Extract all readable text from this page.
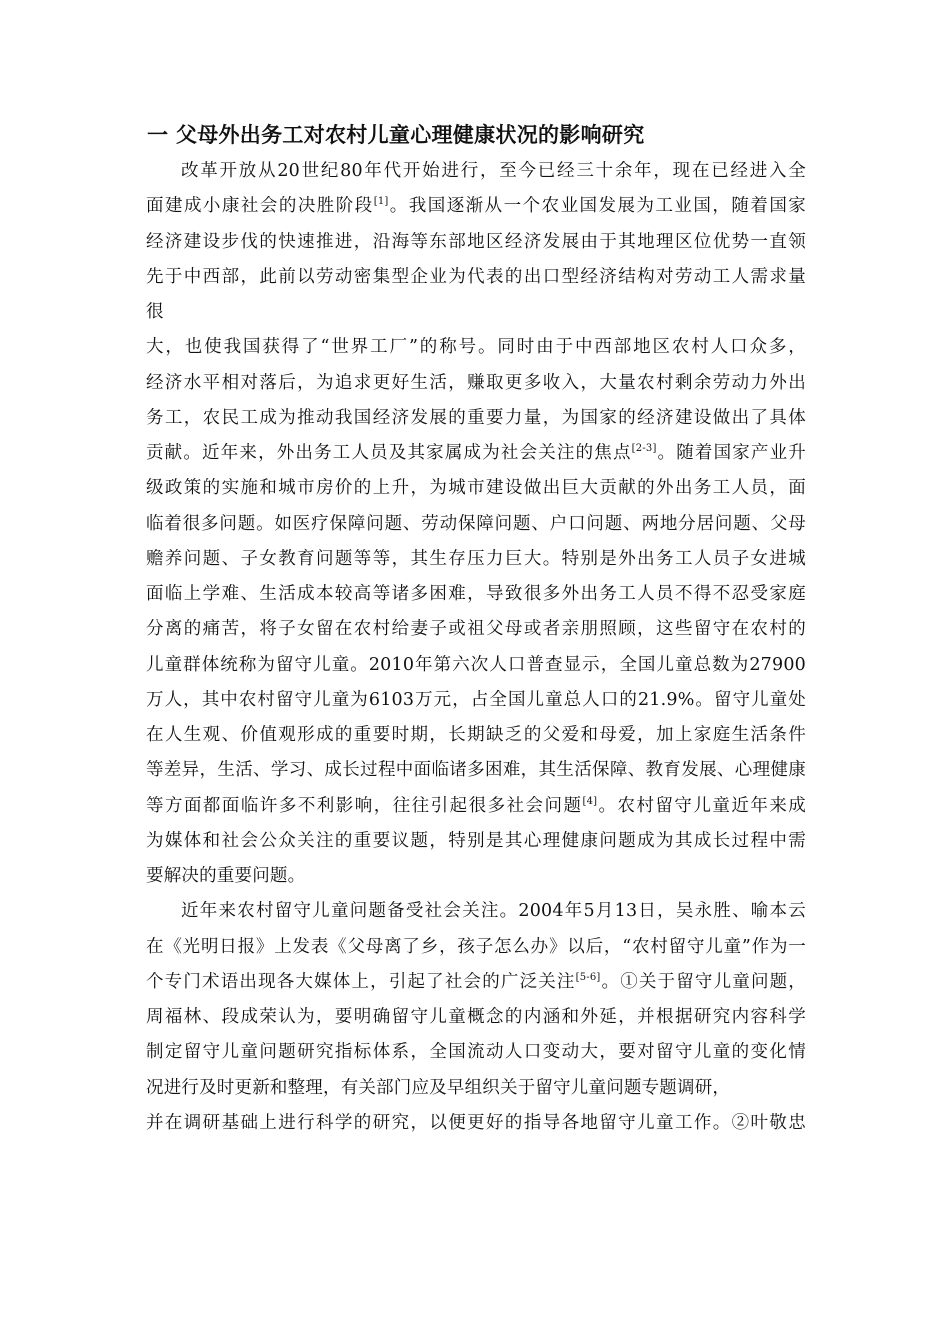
一 父母外出务工对农村儿童心理健康状况的影响研究
改革开放从20世纪80年代开始进行，至今已经三十余年，现在已经进入全
面建成小康社会的决胜阶段[1]。我国逐渐从一个农业国发展为工业国，随着国家
经济建设步伐的快速推进，沿海等东部地区经济发展由于其地理区位优势一直领
先于中西部，此前以劳动密集型企业为代表的出口型经济结构对劳动工人需求量
很
大，也使我国获得了“世界工厂”的称号。同时由于中西部地区农村人口众多，
经济水平相对落后，为追求更好生活，赚取更多收入，大量农村剩余劳动力外出
务工，农民工成为推动我国经济发展的重要力量，为国家的经济建设做出了具体
贡献。近年来，外出务工人员及其家属成为社会关注的焦点[2-3]。随着国家产业升
级政策的实施和城市房价的上升，为城市建设做出巨大贡献的外出务工人员，面
临着很多问题。如医疗保障问题、劳动保障问题、户口问题、两地分居问题、父母
赡养问题、子女教育问题等等，其生存压力巨大。特别是外出务工人员子女进城
面临上学难、生活成本较高等诸多困难，导致很多外出务工人员不得不忍受家庭
分离的痛苦，将子女留在农村给妻子或祖父母或者亲朋照顾，这些留守在农村的
儿童群体统称为留守儿童。2010年第六次人口普查显示，全国儿童总数为27900
万人，其中农村留守儿童为6103万元，占全国儿童总人口的21.9%。留守儿童处
在人生观、价值观形成的重要时期，长期缺乏的父爱和母爱，加上家庭生活条件
等差异，生活、学习、成长过程中面临诸多困难，其生活保障、教育发展、心理健康
等方面都面临许多不利影响，往往引起很多社会问题[4]。农村留守儿童近年来成
为媒体和社会公众关注的重要议题，特别是其心理健康问题成为其成长过程中需
要解决的重要问题。
近年来农村留守儿童问题备受社会关注。2004年5月13日，吴永胜、喻本云
在《光明日报》上发表《父母离了乡，孩子怎么办》以后，“农村留守儿童”作为一
个专门术语出现各大媒体上，引起了社会的广泛关注[5-6]。①关于留守儿童问题，
周福林、段成荣认为，要明确留守儿童概念的内涵和外延，并根据研究内容科学
制定留守儿童问题研究指标体系，全国流动人口变动大，要对留守儿童的变化情
况进行及时更新和整理，有关部门应及早组织关于留守儿童问题专题调研，
并在调研基础上进行科学的研究，以便更好的指导各地留守儿童工作。②叶敬忠
